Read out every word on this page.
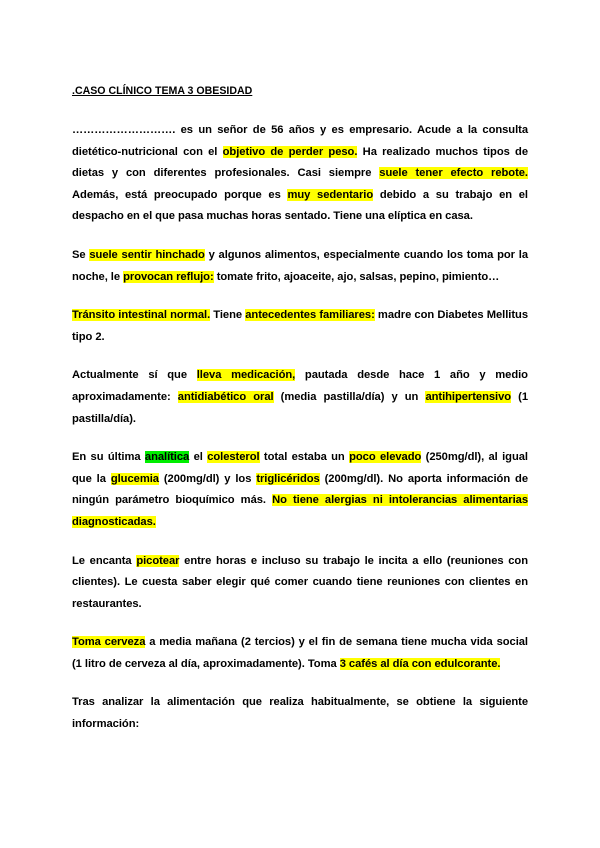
.CASO CLÍNICO TEMA 3 OBESIDAD

………………………. es un señor de 56 años y es empresario. Acude a la consulta dietético-nutricional con el objetivo de perder peso. Ha realizado muchos tipos de dietas y con diferentes profesionales. Casi siempre suele tener efecto rebote. Además, está preocupado porque es muy sedentario debido a su trabajo en el despacho en el que pasa muchas horas sentado. Tiene una elíptica en casa.

Se suele sentir hinchado y algunos alimentos, especialmente cuando los toma por la noche, le provocan reflujo: tomate frito, ajoaceite, ajo, salsas, pepino, pimiento…

Tránsito intestinal normal. Tiene antecedentes familiares: madre con Diabetes Mellitus tipo 2.

Actualmente sí que lleva medicación, pautada desde hace 1 año y medio aproximadamente: antidiabético oral (media pastilla/día) y un antihipertensivo (1 pastilla/día).

En su última analítica el colesterol total estaba un poco elevado (250mg/dl), al igual que la glucemia (200mg/dl) y los triglicéridos (200mg/dl). No aporta información de ningún parámetro bioquímico más. No tiene alergias ni intolerancias alimentarias diagnosticadas.

Le encanta picotear entre horas e incluso su trabajo le incita a ello (reuniones con clientes). Le cuesta saber elegir qué comer cuando tiene reuniones con clientes en restaurantes.

Toma cerveza a media mañana (2 tercios) y el fin de semana tiene mucha vida social (1 litro de cerveza al día, aproximadamente). Toma 3 cafés al día con edulcorante.

Tras analizar la alimentación que realiza habitualmente, se obtiene la siguiente información:
